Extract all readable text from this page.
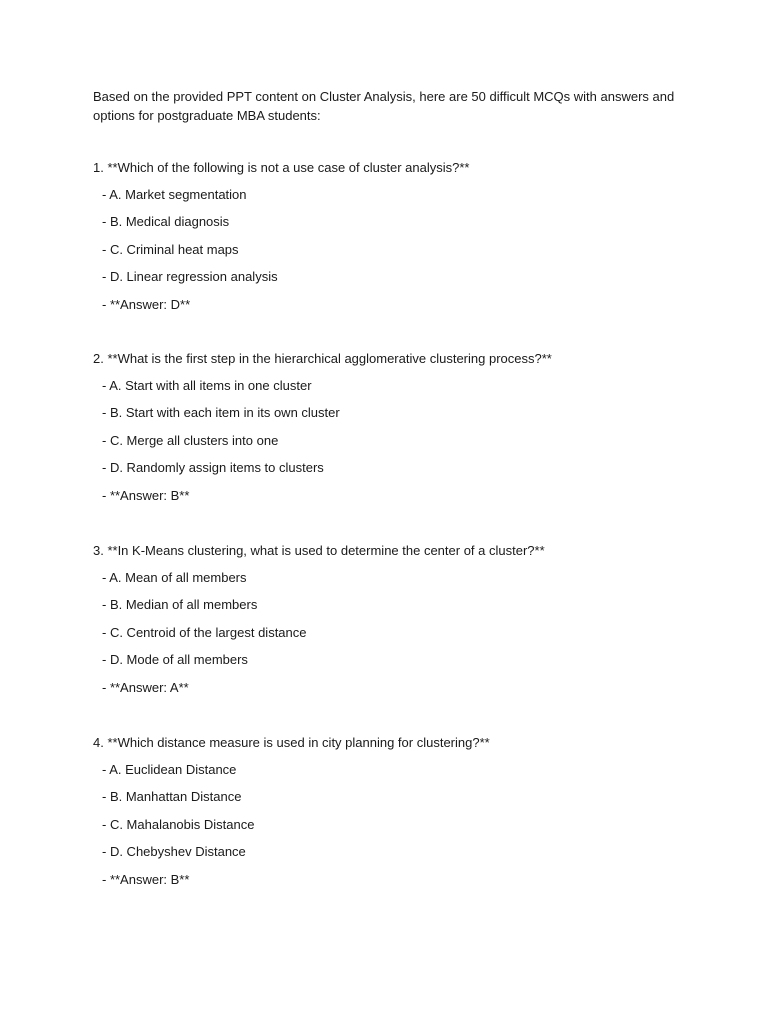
Based on the provided PPT content on Cluster Analysis, here are 50 difficult MCQs with answers and options for postgraduate MBA students:

1. **Which of the following is not a use case of cluster analysis?**

- A. Market segmentation

- B. Medical diagnosis

- C. Criminal heat maps

- D. Linear regression analysis

- **Answer: D**

2. **What is the first step in the hierarchical agglomerative clustering process?**

- A. Start with all items in one cluster

- B. Start with each item in its own cluster

- C. Merge all clusters into one

- D. Randomly assign items to clusters

- **Answer: B**

3. **In K-Means clustering, what is used to determine the center of a cluster?**

- A. Mean of all members

- B. Median of all members

- C. Centroid of the largest distance

- D. Mode of all members

- **Answer: A**

4. **Which distance measure is used in city planning for clustering?**

- A. Euclidean Distance

- B. Manhattan Distance

- C. Mahalanobis Distance

- D. Chebyshev Distance

- **Answer: B**
